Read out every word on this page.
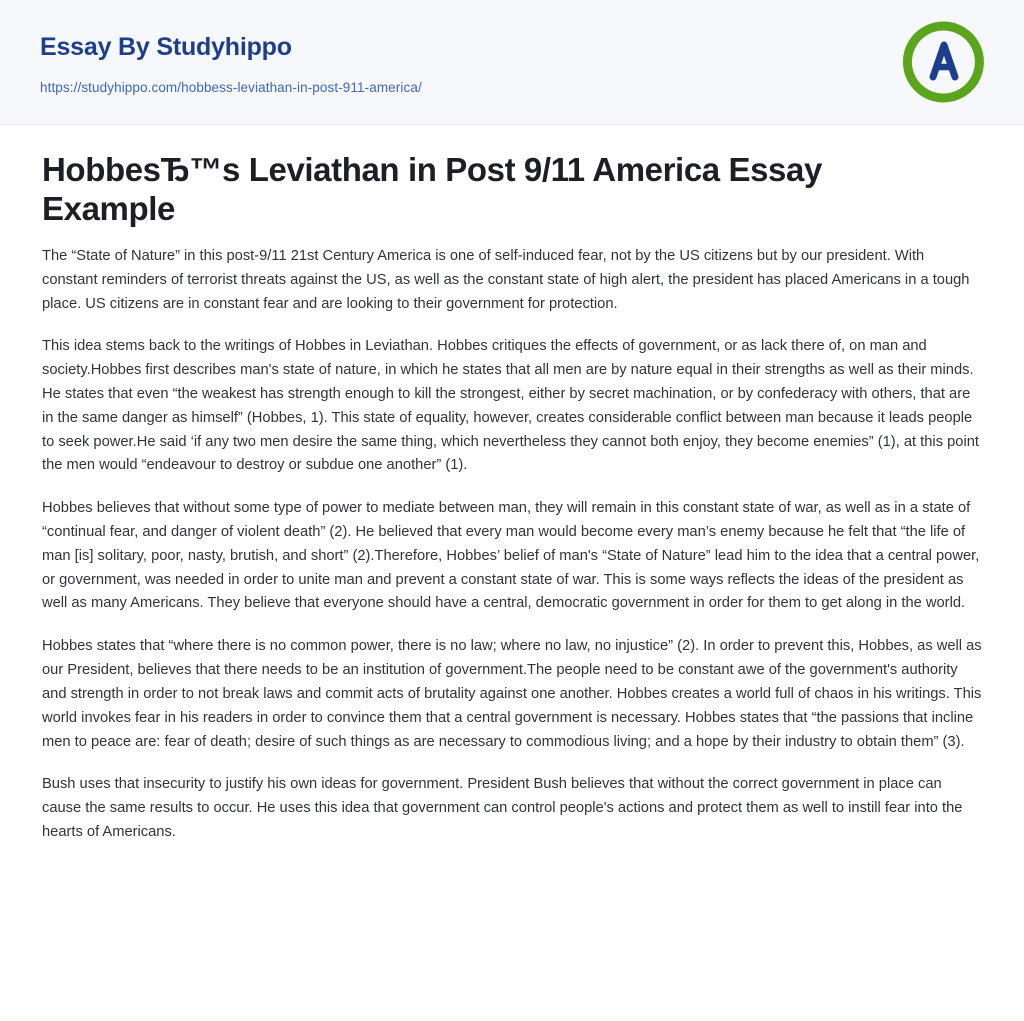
Essay By Studyhippo
https://studyhippo.com/hobbess-leviathan-in-post-911-america/
HobbesЂ™s Leviathan in Post 9/11 America Essay Example

The “State of Nature” in this post-9/11 21st Century America is one of self-induced fear, not by the US citizens but by our president. With constant reminders of terrorist threats against the US, as well as the constant state of high alert, the president has placed Americans in a tough place. US citizens are in constant fear and are looking to their government for protection.

This idea stems back to the writings of Hobbes in Leviathan. Hobbes critiques the effects of government, or as lack there of, on man and society.Hobbes first describes man's state of nature, in which he states that all men are by nature equal in their strengths as well as their minds. He states that even “the weakest has strength enough to kill the strongest, either by secret machination, or by confederacy with others, that are in the same danger as himself” (Hobbes, 1). This state of equality, however, creates considerable conflict between man because it leads people to seek power.He said ‘if any two men desire the same thing, which nevertheless they cannot both enjoy, they become enemies” (1), at this point the men would “endeavour to destroy or subdue one another” (1).

Hobbes believes that without some type of power to mediate between man, they will remain in this constant state of war, as well as in a state of “continual fear, and danger of violent death” (2). He believed that every man would become every man’s enemy because he felt that “the life of man [is] solitary, poor, nasty, brutish, and short” (2).Therefore, Hobbes’ belief of man's “State of Nature” lead him to the idea that a central power, or government, was needed in order to unite man and prevent a constant state of war. This is some ways reflects the ideas of the president as well as many Americans. They believe that everyone should have a central, democratic government in order for them to get along in the world.

Hobbes states that “where there is no common power, there is no law; where no law, no injustice” (2). In order to prevent this, Hobbes, as well as our President, believes that there needs to be an institution of government.The people need to be constant awe of the government's authority and strength in order to not break laws and commit acts of brutality against one another. Hobbes creates a world full of chaos in his writings. This world invokes fear in his readers in order to convince them that a central government is necessary. Hobbes states that “the passions that incline men to peace are: fear of death; desire of such things as are necessary to commodious living; and a hope by their industry to obtain them” (3).

Bush uses that insecurity to justify his own ideas for government. President Bush believes that without the correct government in place can cause the same results to occur. He uses this idea that government can control people's actions and protect them as well to instill fear into the hearts of Americans.
